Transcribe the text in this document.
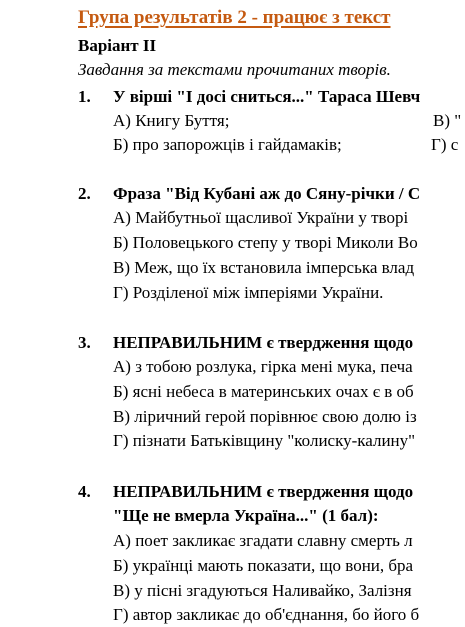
Група результатів 2 - працює з текст
Варіант ІІ
Завдання за текстами прочитаних творів.
1. У вірші "І досі сниться..." Тараса Шевч
А) Книгу Буття;	В) "
Б) про запорожців і гайдамаків;	Г) с
2. Фраза "Від Кубані аж до Сяну-річки / С
А) Майбутньої щасливої України у творі
Б) Половецького степу у творі Миколи Во
В) Меж, що їх встановила імперська влад
Г) Розділеної між імперіями України.
3. НЕПРАВИЛЬНИМ є твердження щодо
А) з тобою розлука, гірка мені мука, печа
Б) ясні небеса в материнських очах є в об
В) ліричний герой порівнює свою долю із
Г) пізнати Батьківщину "колиску-калину"
4. НЕПРАВИЛЬНИМ є твердження щодо
"Ще не вмерла Україна..." (1 бал):
А) поет закликає згадати славну смерть л
Б) українці мають показати, що вони, бра
В) у пісні згадуються Наливайко, Залізня
Г) автор закликає до об'єднання, бо його б
